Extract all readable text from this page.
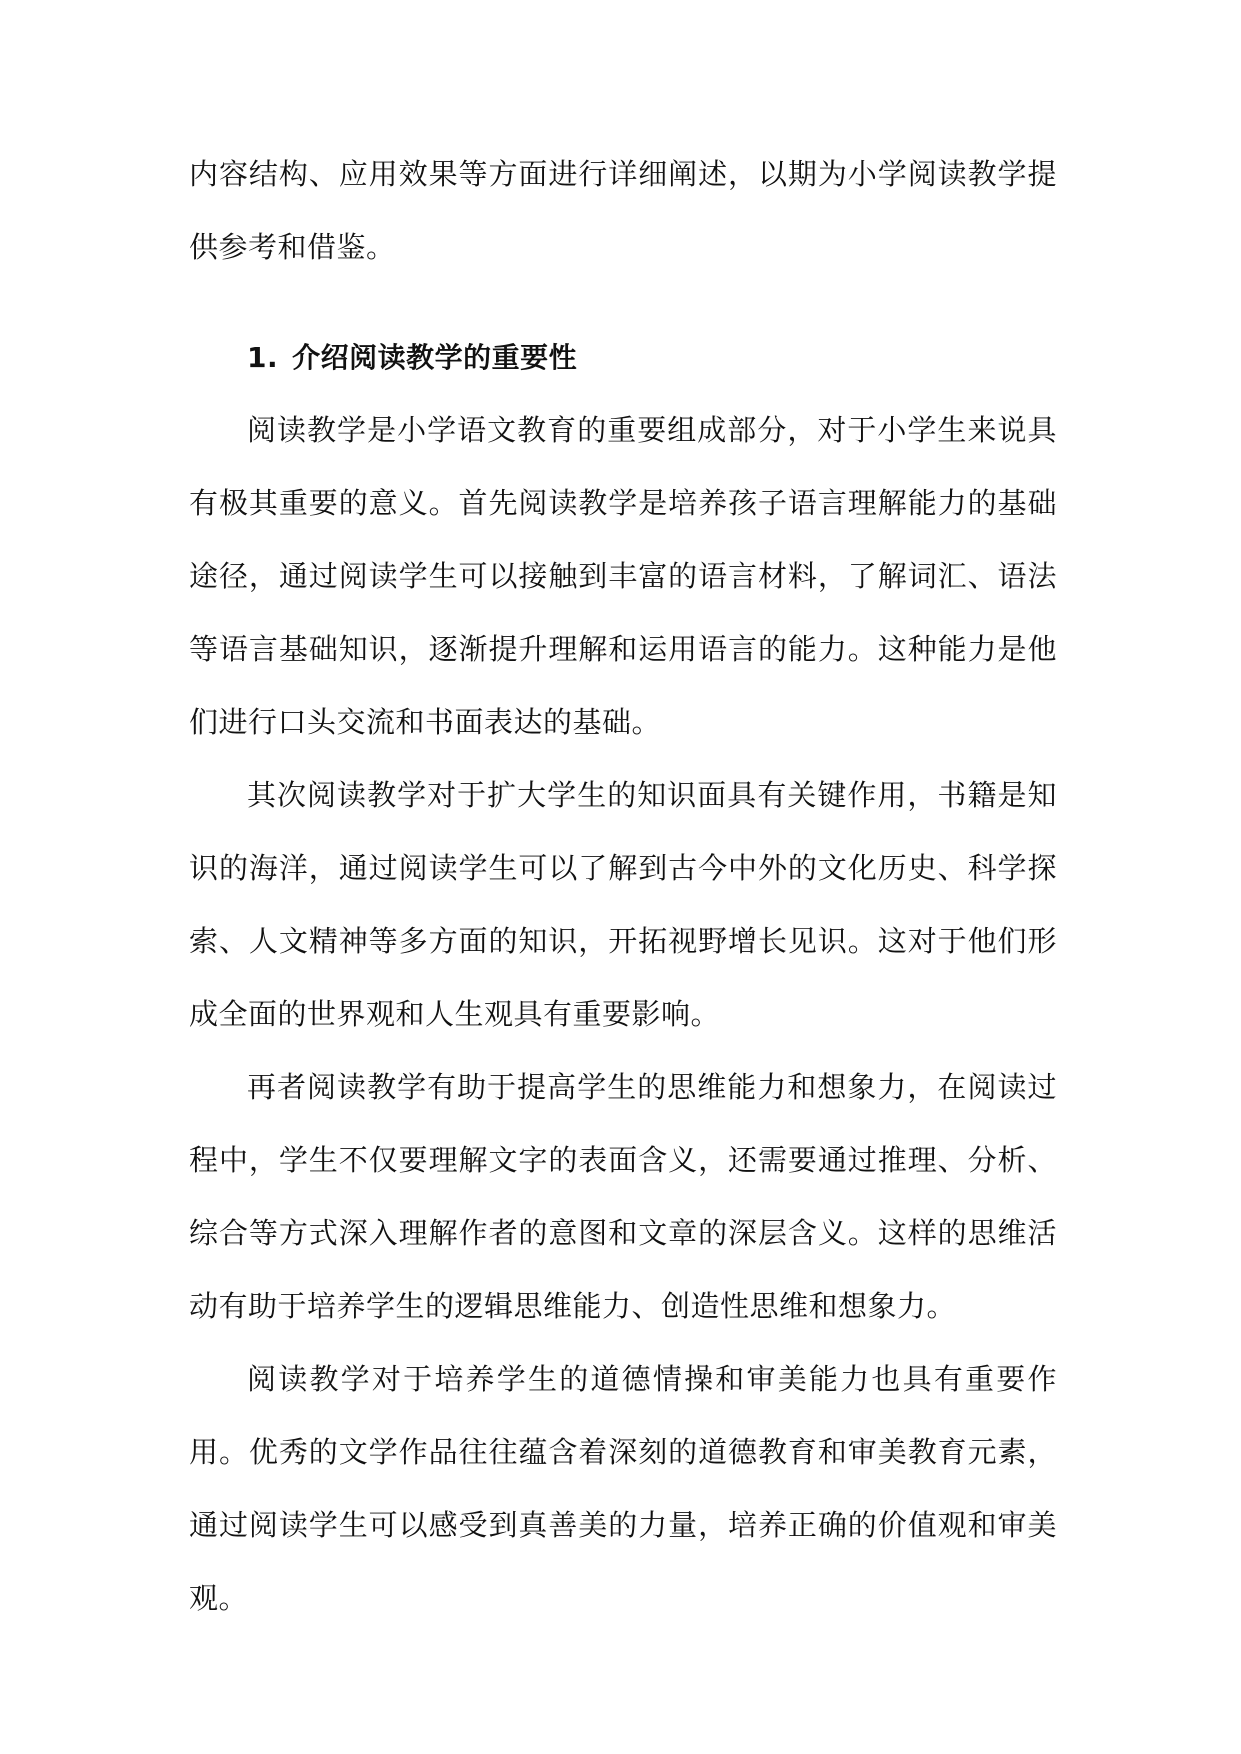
内容结构、应用效果等方面进行详细阐述，以期为小学阅读教学提供参考和借鉴。

1. 介绍阅读教学的重要性

阅读教学是小学语文教育的重要组成部分，对于小学生来说具有极其重要的意义。首先阅读教学是培养孩子语言理解能力的基础途径，通过阅读学生可以接触到丰富的语言材料，了解词汇、语法等语言基础知识，逐渐提升理解和运用语言的能力。这种能力是他们进行口头交流和书面表达的基础。

其次阅读教学对于扩大学生的知识面具有关键作用，书籍是知识的海洋，通过阅读学生可以了解到古今中外的文化历史、科学探索、人文精神等多方面的知识，开拓视野增长见识。这对于他们形成全面的世界观和人生观具有重要影响。

再者阅读教学有助于提高学生的思维能力和想象力，在阅读过程中，学生不仅要理解文字的表面含义，还需要通过推理、分析、综合等方式深入理解作者的意图和文章的深层含义。这样的思维活动有助于培养学生的逻辑思维能力、创造性思维和想象力。

阅读教学对于培养学生的道德情操和审美能力也具有重要作用。优秀的文学作品往往蕴含着深刻的道德教育和审美教育元素，通过阅读学生可以感受到真善美的力量，培养正确的价值观和审美观。
